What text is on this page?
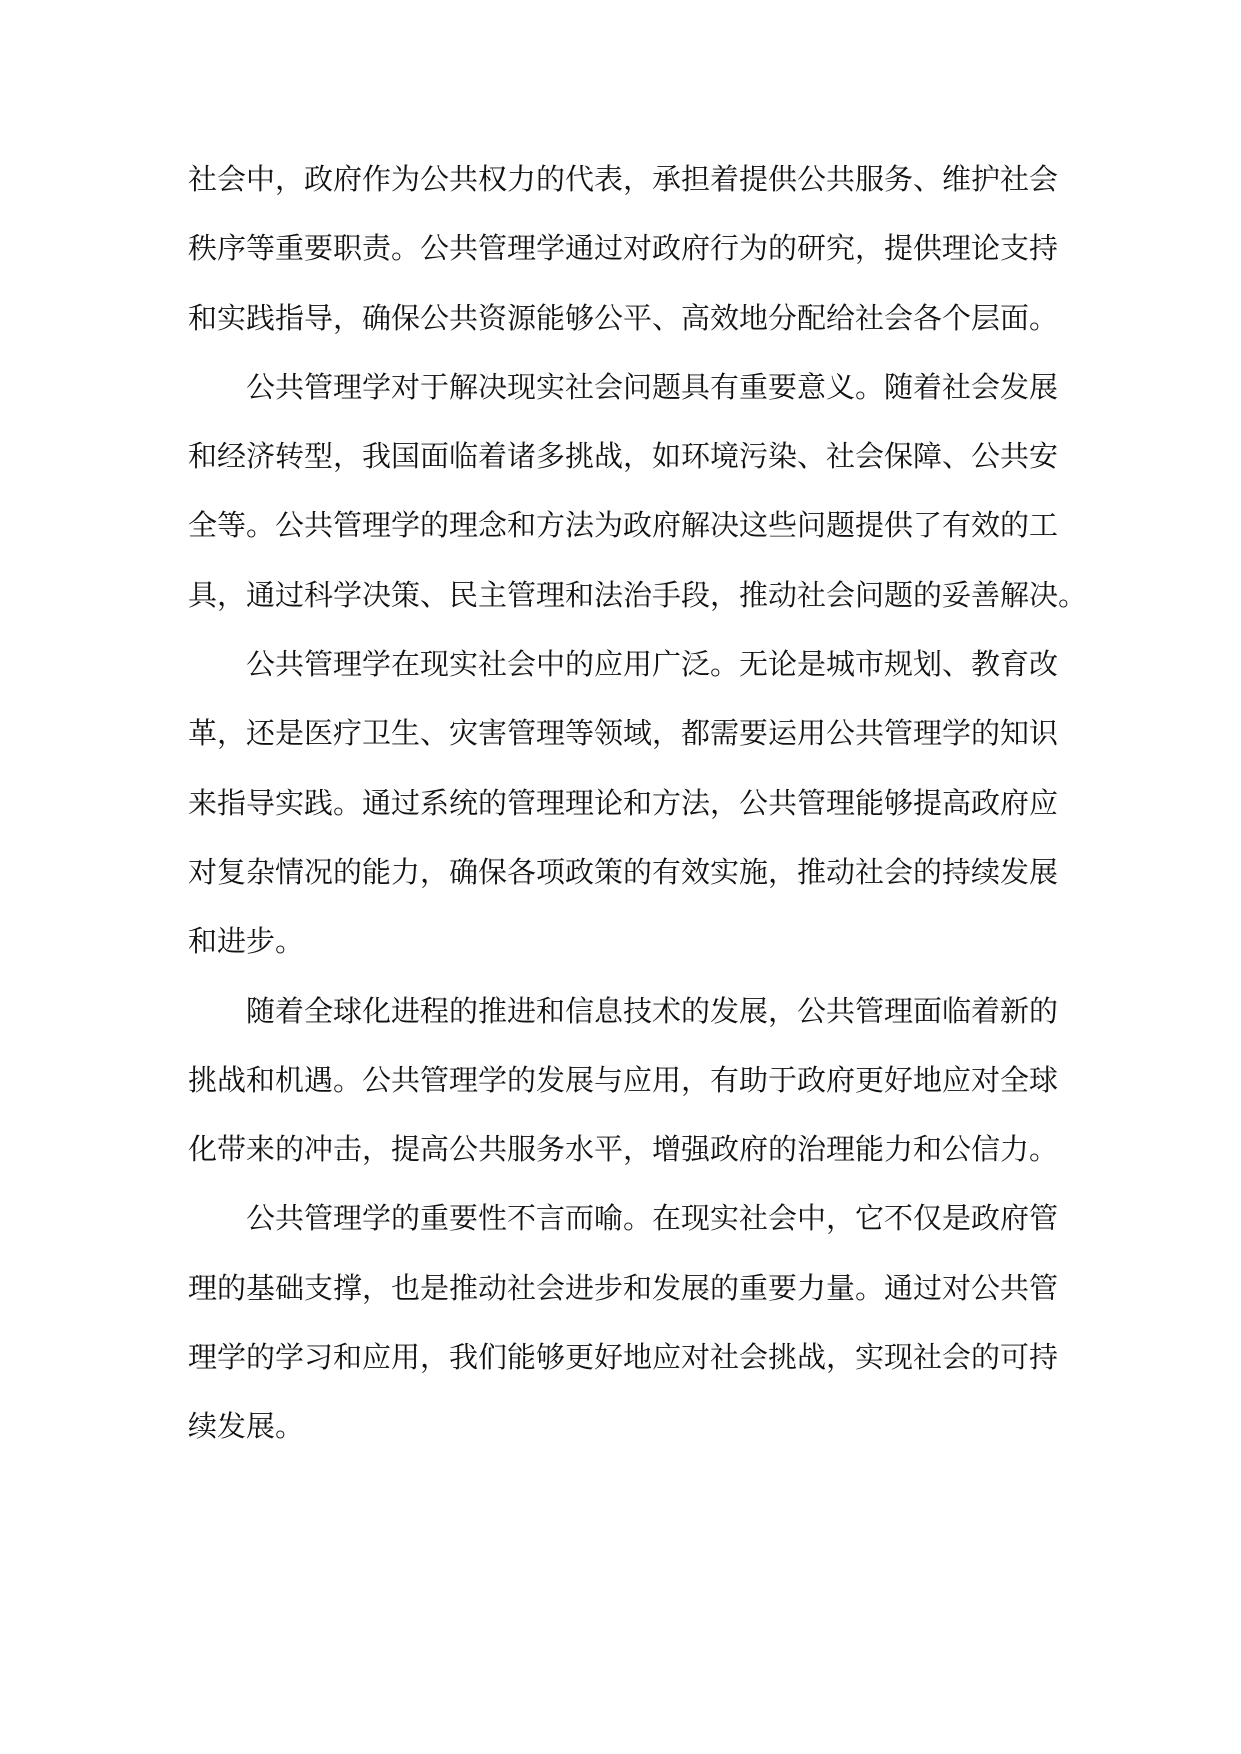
社会中，政府作为公共权力的代表，承担着提供公共服务、维护社会
秩序等重要职责。公共管理学通过对政府行为的研究，提供理论支持
和实践指导，确保公共资源能够公平、高效地分配给社会各个层面。
公共管理学对于解决现实社会问题具有重要意义。随着社会发展
和经济转型，我国面临着诸多挑战，如环境污染、社会保障、公共安
全等。公共管理学的理念和方法为政府解决这些问题提供了有效的工
具，通过科学决策、民主管理和法治手段，推动社会问题的妥善解决。
公共管理学在现实社会中的应用广泛。无论是城市规划、教育改
革，还是医疗卫生、灾害管理等领域，都需要运用公共管理学的知识
来指导实践。通过系统的管理理论和方法，公共管理能够提高政府应
对复杂情况的能力，确保各项政策的有效实施，推动社会的持续发展
和进步。
随着全球化进程的推进和信息技术的发展，公共管理面临着新的
挑战和机遇。公共管理学的发展与应用，有助于政府更好地应对全球
化带来的冲击，提高公共服务水平，增强政府的治理能力和公信力。
公共管理学的重要性不言而喻。在现实社会中，它不仅是政府管
理的基础支撑，也是推动社会进步和发展的重要力量。通过对公共管
理学的学习和应用，我们能够更好地应对社会挑战，实现社会的可持
续发展。
